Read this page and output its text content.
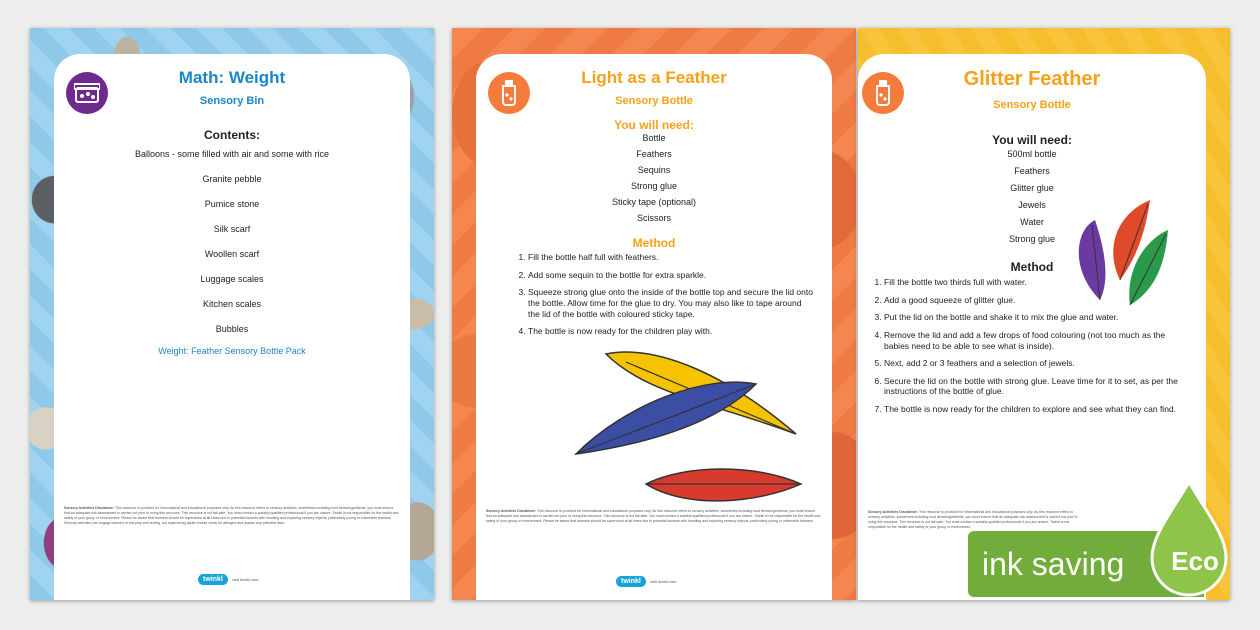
Math: Weight
Sensory Bin
Contents:
Balloons - some filled with air and some with rice
Granite pebble
Pumice stone
Silk scarf
Woollen scarf
Luggage scales
Kitchen scales
Bubbles
Weight: Feather Sensory Bottle Pack
Sensory Activities Disclaimer: This resource is provided for informational and educational purposes only. As this resource refers to sensory activities, sometimes including food items/ingredients, you must ensure that an adequate risk assessment is carried out prior to using this resource. This resource is not fail-safe. You must contact a suitably qualified professional if you are unsure. Twinkl is not responsible for the health and safety of your group or environment. Please be aware that learners should be supervised at all times due to potential hazards with handling and exploring sensory objects, particularly young or vulnerable learners. Sensory activities can engage learners in trial play and hurling, but supervising adults should check for allergies and assess any potential risks.
twinkl	visit twinkl.com
Light as a Feather
Sensory Bottle
You will need:
Bottle
Feathers
Sequins
Strong glue
Sticky tape (optional)
Scissors
Method
1. Fill the bottle half full with feathers.
2. Add some sequin to the bottle for extra sparkle.
3. Squeeze strong glue onto the inside of the bottle top and secure the lid onto the bottle. Allow time for the glue to dry. You may also like to tape around the lid of the bottle with coloured sticky tape.
4. The bottle is now ready for the children play with.
Sensory Activities Disclaimer: This resource is provided for informational and educational purposes only. As this resource refers to sensory activities, sometimes including food items/ingredients, you must ensure that an adequate risk assessment is carried out prior to using this resource. This resource is not fail-safe. You must contact a suitably qualified professional if you are unsure. Twinkl is not responsible for the health and safety of your group or environment. Please be aware that learners should be supervised at all times due to potential hazards with handling and exploring sensory objects, particularly young or vulnerable learners.
twinkl	visit twinkl.com
Glitter Feather
Sensory Bottle
You will need:
500ml bottle
Feathers
Glitter glue
Jewels
Water
Strong glue
Method
1. Fill the bottle two thirds full with water.
2. Add a good squeeze of glitter glue.
3. Put the lid on the bottle and shake it to mix the glue and water.
4. Remove the lid and add a few drops of food colouring (not too much as the babies need to be able to see what is inside).
5. Next, add 2 or 3 feathers and a selection of jewels.
6. Secure the lid on the bottle with strong glue. Leave time for it to set, as per the instructions of the bottle of glue.
7. The bottle is now ready for the children to explore and see what they can find.
Sensory Activities Disclaimer: This resource is provided for informational and educational purposes only. As this resource refers to sensory activities, sometimes including food items/ingredients, you must ensure that an adequate risk assessment is carried out prior to using this resource. This resource is not fail-safe. You must contact a suitably qualified professional if you are unsure. Twinkl is not responsible for the health and safety of your group or environment.
ink saving	Eco
